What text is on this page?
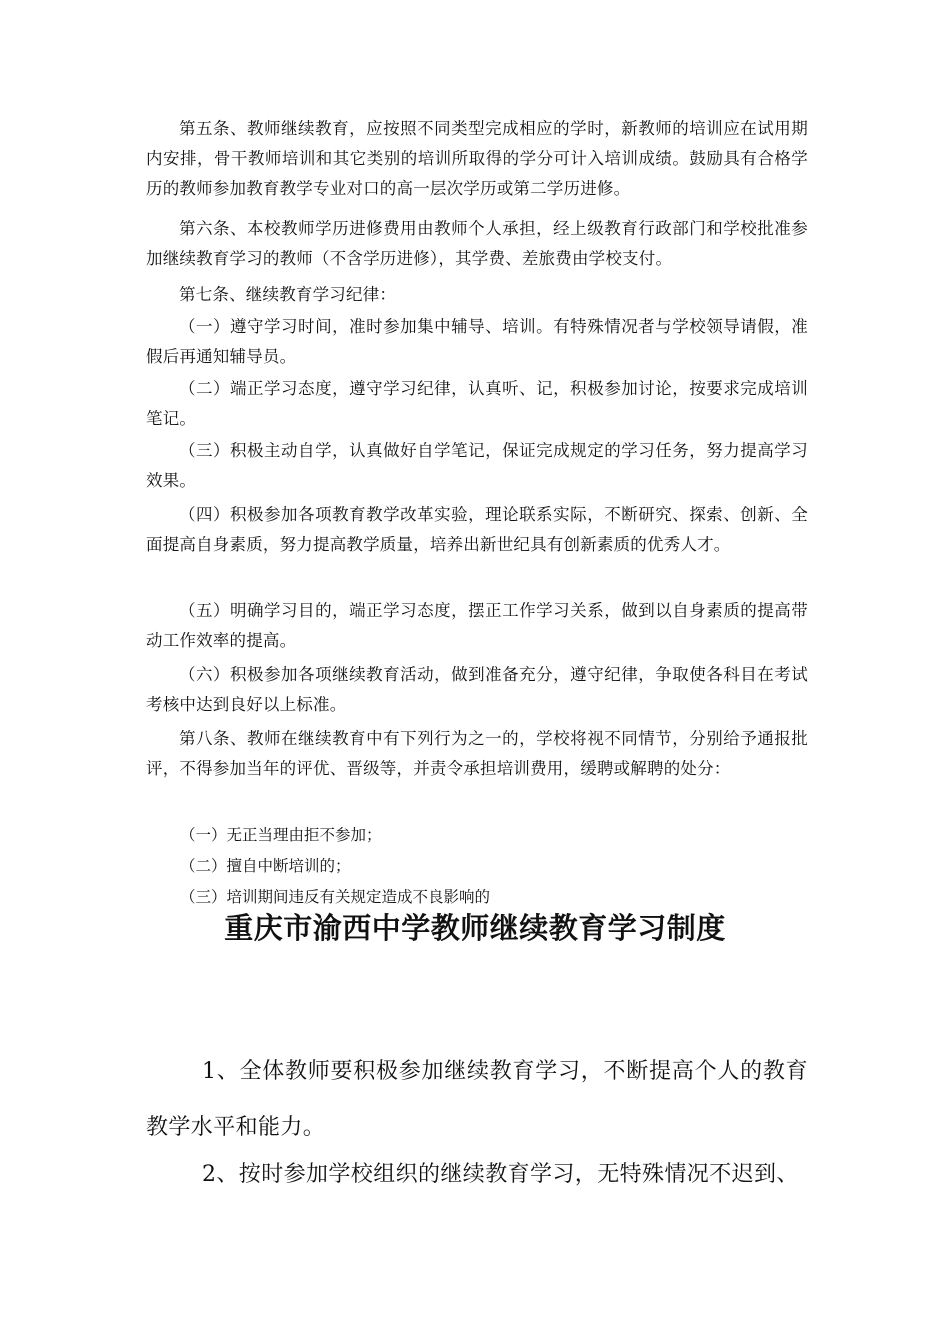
第五条、教师继续教育，应按照不同类型完成相应的学时，新教师的培训应在试用期内安排，骨干教师培训和其它类别的培训所取得的学分可计入培训成绩。鼓励具有合格学历的教师参加教育教学专业对口的高一层次学历或第二学历进修。

第六条、本校教师学历进修费用由教师个人承担，经上级教育行政部门和学校批准参加继续教育学习的教师（不含学历进修），其学费、差旅费由学校支付。

第七条、继续教育学习纪律：

（一）遵守学习时间，准时参加集中辅导、培训。有特殊情况者与学校领导请假，准假后再通知辅导员。

（二）端正学习态度，遵守学习纪律，认真听、记，积极参加讨论，按要求完成培训笔记。

（三）积极主动自学，认真做好自学笔记，保证完成规定的学习任务，努力提高学习效果。

（四）积极参加各项教育教学改革实验，理论联系实际，不断研究、探索、创新、全面提高自身素质，努力提高教学质量，培养出新世纪具有创新素质的优秀人才。

（五）明确学习目的，端正学习态度，摆正工作学习关系，做到以自身素质的提高带动工作效率的提高。

（六）积极参加各项继续教育活动，做到准备充分，遵守纪律，争取使各科目在考试考核中达到良好以上标准。

第八条、教师在继续教育中有下列行为之一的，学校将视不同情节，分别给予通报批评，不得参加当年的评优、晋级等，并责令承担培训费用，缓聘或解聘的处分：

（一）无正当理由拒不参加；

（二）擅自中断培训的；

（三）培训期间违反有关规定造成不良影响的

重庆市渝西中学教师继续教育学习制度

1、全体教师要积极参加继续教育学习，不断提高个人的教育教学水平和能力。

2、按时参加学校组织的继续教育学习，无特殊情况不迟到、
